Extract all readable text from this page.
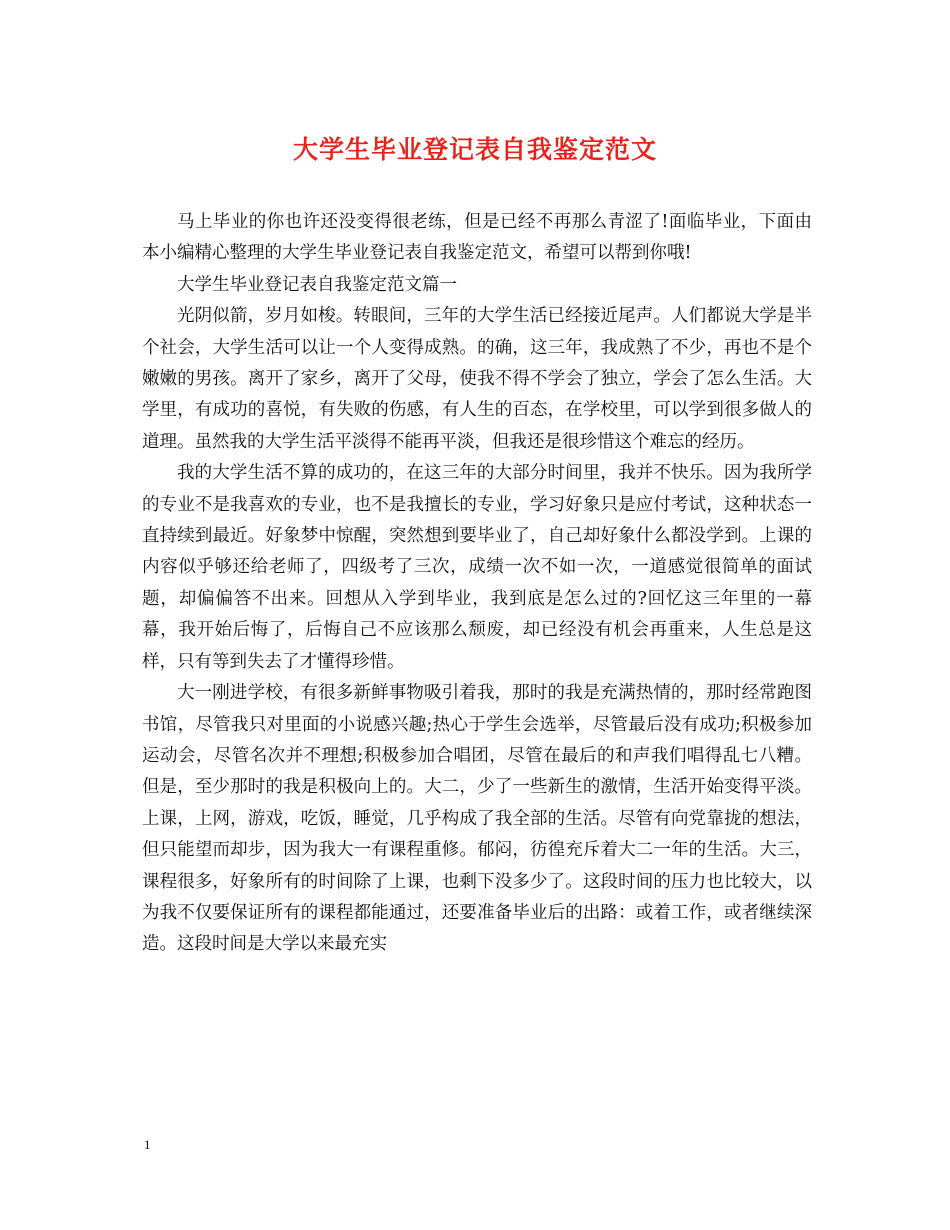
大学生毕业登记表自我鉴定范文

马上毕业的你也许还没变得很老练，但是已经不再那么青涩了!面临毕业，下面由本小编精心整理的大学生毕业登记表自我鉴定范文，希望可以帮到你哦!

大学生毕业登记表自我鉴定范文篇一

光阴似箭，岁月如梭。转眼间，三年的大学生活已经接近尾声。人们都说大学是半个社会，大学生活可以让一个人变得成熟。的确，这三年，我成熟了不少，再也不是个嫩嫩的男孩。离开了家乡，离开了父母，使我不得不学会了独立，学会了怎么生活。大学里，有成功的喜悦，有失败的伤感，有人生的百态，在学校里，可以学到很多做人的道理。虽然我的大学生活平淡得不能再平淡，但我还是很珍惜这个难忘的经历。

我的大学生活不算的成功的，在这三年的大部分时间里，我并不快乐。因为我所学的专业不是我喜欢的专业，也不是我擅长的专业，学习好象只是应付考试，这种状态一直持续到最近。好象梦中惊醒，突然想到要毕业了，自己却好象什么都没学到。上课的内容似乎够还给老师了，四级考了三次，成绩一次不如一次，一道感觉很简单的面试题，却偏偏答不出来。回想从入学到毕业，我到底是怎么过的?回忆这三年里的一幕幕，我开始后悔了，后悔自己不应该那么颓废，却已经没有机会再重来，人生总是这样，只有等到失去了才懂得珍惜。

大一刚进学校，有很多新鲜事物吸引着我，那时的我是充满热情的，那时经常跑图书馆，尽管我只对里面的小说感兴趣;热心于学生会选举，尽管最后没有成功;积极参加运动会，尽管名次并不理想;积极参加合唱团，尽管在最后的和声我们唱得乱七八糟。但是，至少那时的我是积极向上的。大二，少了一些新生的激情，生活开始变得平淡。上课，上网，游戏，吃饭，睡觉，几乎构成了我全部的生活。尽管有向党靠拢的想法，但只能望而却步，因为我大一有课程重修。郁闷，彷徨充斥着大二一年的生活。大三，课程很多，好象所有的时间除了上课，也剩下没多少了。这段时间的压力也比较大，以为我不仅要保证所有的课程都能通过，还要准备毕业后的出路：或着工作，或者继续深造。这段时间是大学以来最充实

1
